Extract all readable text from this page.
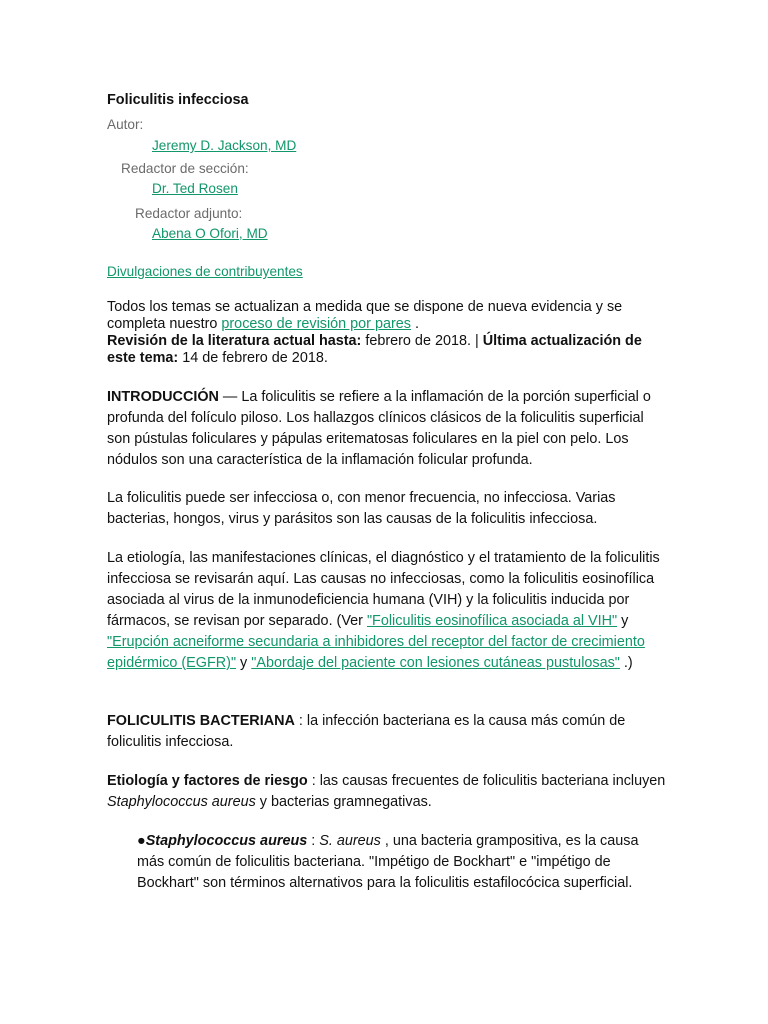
Foliculitis infecciosa
Autor:
Jeremy D. Jackson, MD
Redactor de sección:
Dr. Ted Rosen
Redactor adjunto:
Abena O Ofori, MD
Divulgaciones de contribuyentes
Todos los temas se actualizan a medida que se dispone de nueva evidencia y se completa nuestro proceso de revisión por pares .
Revisión de la literatura actual hasta: febrero de 2018. | Última actualización de este tema: 14 de febrero de 2018.
INTRODUCCIÓN — La foliculitis se refiere a la inflamación de la porción superficial o profunda del folículo piloso. Los hallazgos clínicos clásicos de la foliculitis superficial son pústulas foliculares y pápulas eritematosas foliculares en la piel con pelo. Los nódulos son una característica de la inflamación folicular profunda.
La foliculitis puede ser infecciosa o, con menor frecuencia, no infecciosa. Varias bacterias, hongos, virus y parásitos son las causas de la foliculitis infecciosa.
La etiología, las manifestaciones clínicas, el diagnóstico y el tratamiento de la foliculitis infecciosa se revisarán aquí. Las causas no infecciosas, como la foliculitis eosinofílica asociada al virus de la inmunodeficiencia humana (VIH) y la foliculitis inducida por fármacos, se revisan por separado. (Ver "Foliculitis eosinofílica asociada al VIH" y "Erupción acneiforme secundaria a inhibidores del receptor del factor de crecimiento epidérmico (EGFR)" y "Abordaje del paciente con lesiones cutáneas pustulosas" .)
FOLICULITIS BACTERIANA : la infección bacteriana es la causa más común de foliculitis infecciosa.
Etiología y factores de riesgo : las causas frecuentes de foliculitis bacteriana incluyen Staphylococcus aureus y bacterias gramnegativas.
●Staphylococcus aureus : S. aureus , una bacteria grampositiva, es la causa más común de foliculitis bacteriana. "Impétigo de Bockhart" e "impétigo de Bockhart" son términos alternativos para la foliculitis estafilocócica superficial.
